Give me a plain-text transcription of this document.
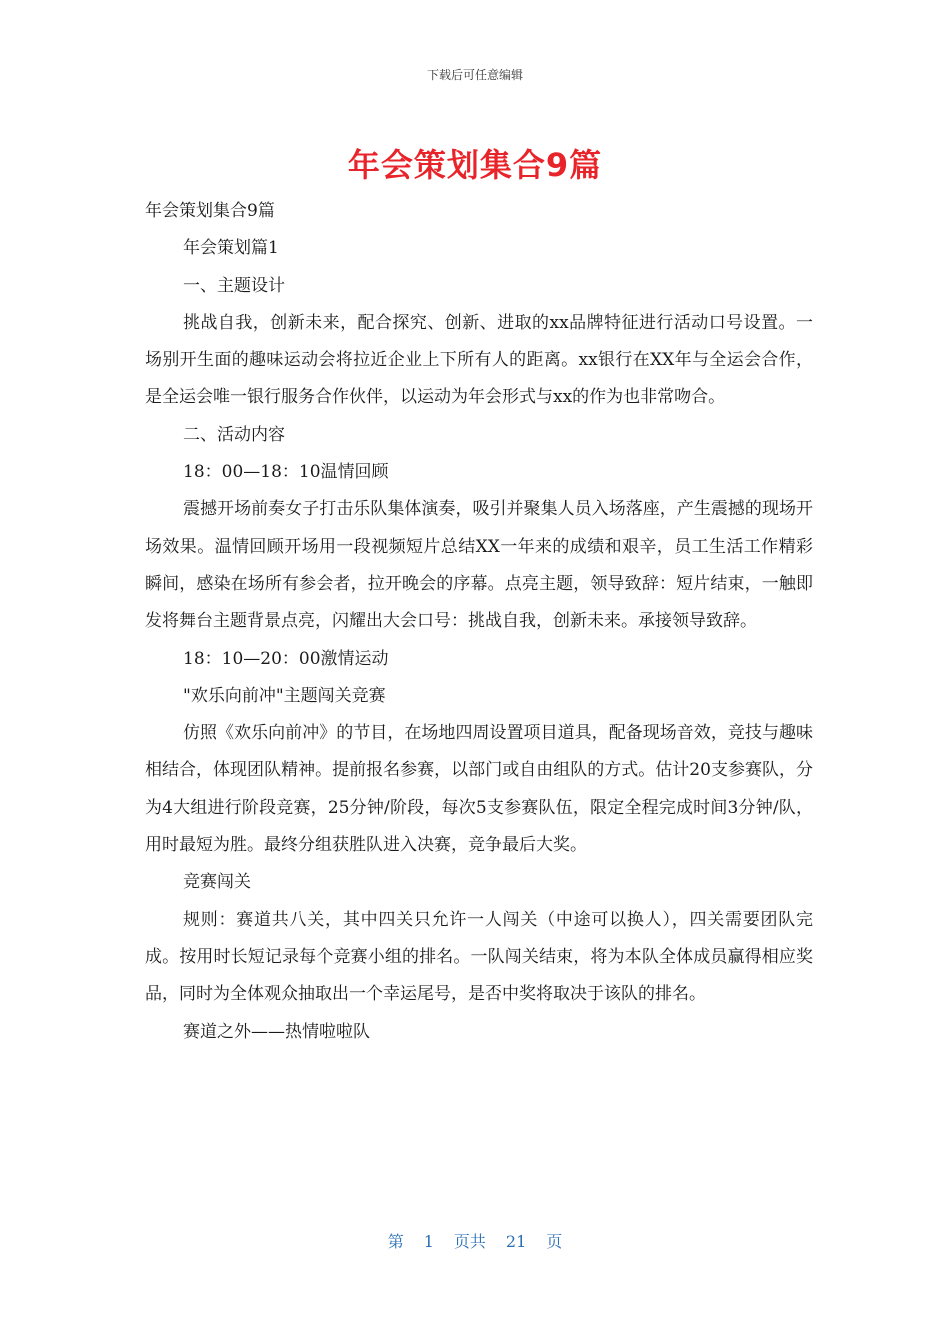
下载后可任意编辑
年会策划集合9篇

年会策划集合9篇

年会策划篇1

一、主题设计

挑战自我，创新未来，配合探究、创新、进取的xx品牌特征进行活动口号设置。一场别开生面的趣味运动会将拉近企业上下所有人的距离。xx银行在XX年与全运会合作，是全运会唯一银行服务合作伙伴，以运动为年会形式与xx的作为也非常吻合。

二、活动内容

18：00—18：10温情回顾

震撼开场前奏女子打击乐队集体演奏，吸引并聚集人员入场落座，产生震撼的现场开场效果。温情回顾开场用一段视频短片总结XX一年来的成绩和艰辛，员工生活工作精彩瞬间，感染在场所有参会者，拉开晚会的序幕。点亮主题，领导致辞：短片结束，一触即发将舞台主题背景点亮，闪耀出大会口号：挑战自我，创新未来。承接领导致辞。

18：10—20：00激情运动

"欢乐向前冲"主题闯关竞赛

仿照《欢乐向前冲》的节目，在场地四周设置项目道具，配备现场音效，竞技与趣味相结合，体现团队精神。提前报名参赛，以部门或自由组队的方式。估计20支参赛队，分为4大组进行阶段竞赛，25分钟/阶段，每次5支参赛队伍，限定全程完成时间3分钟/队，用时最短为胜。最终分组获胜队进入决赛，竞争最后大奖。

竞赛闯关

规则：赛道共八关，其中四关只允许一人闯关（中途可以换人），四关需要团队完成。按用时长短记录每个竞赛小组的排名。一队闯关结束，将为本队全体成员赢得相应奖品，同时为全体观众抽取出一个幸运尾号，是否中奖将取决于该队的排名。

赛道之外——热情啦啦队

第 1 页共 21 页
